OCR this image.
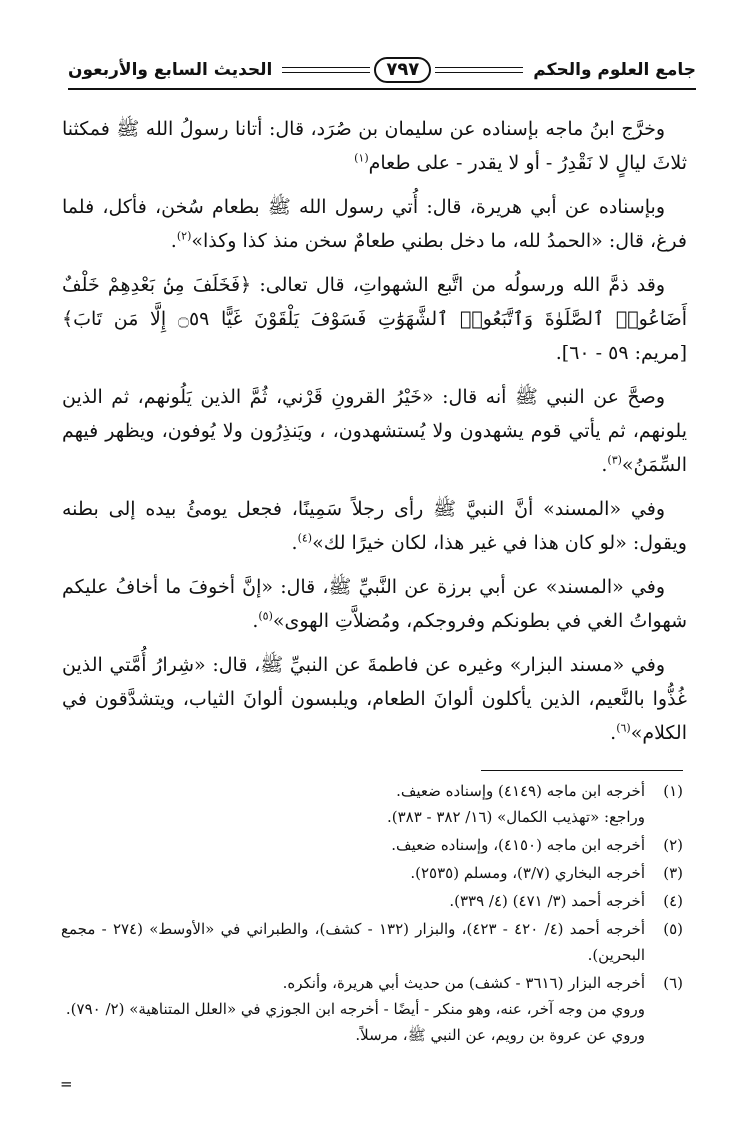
جامع العلوم والحكم
٧٩٧
الحديث السابع والأربعون

وخرَّج ابنُ ماجه بإسناده عن سليمان بن صُرَد، قال: أتانا رسولُ الله ﷺ فمكثنا ثلاثَ ليالٍ لا نَقْدِرُ - أو لا يقدر - على طعام$^{(١)}$

وبإسناده عن أبي هريرة، قال: أُتي رسول الله ﷺ بطعام سُخن، فأكل، فلما فرغ، قال: «الحمدُ لله، ما دخل بطني طعامٌ سخن منذ كذا وكذا»$^{(٢)}$.

وقد ذمَّ الله ورسولُه من اتَّبع الشهواتِ، قال تعالى: ﴿فَخَلَفَ مِنۢ بَعْدِهِمْ خَلْفٌ أَضَاعُوا۟ ٱلصَّلَوٰةَ وَٱتَّبَعُوا۟ ٱلشَّهَوَٰتِ فَسَوْفَ يَلْقَوْنَ غَيًّا ۝٥٩ إِلَّا مَن تَابَ﴾ [مريم: ٥٩ - ٦٠].

وصحَّ عن النبي ﷺ أنه قال: «خَيْرُ القرونِ قَرْني، ثُمَّ الذين يَلُونهم، ثم الذين يلونهم، ثم يأتي قوم يشهدون ولا يُستشهدون، ، ويَنذِرُون ولا يُوفون، ويظهر فيهم السِّمَنُ»$^{(٣)}$.

وفي «المسند» أنَّ النبيَّ ﷺ رأى رجلاً سَمِينًا، فجعل يومئُ بيده إلى بطنه ويقول: «لو كان هذا في غير هذا، لكان خيرًا لك»$^{(٤)}$.

وفي «المسند» عن أبي برزة عن النَّبيِّ ﷺ، قال: «إنَّ أخوفَ ما أخافُ عليكم شهواتُ الغي في بطونكم وفروجكم، ومُضلاَّتِ الهوى»$^{(٥)}$.

وفي «مسند البزار» وغيره عن فاطمةَ عن النبيِّ ﷺ، قال: «شِرارُ أُمَّتي الذين غُذُّوا بالنَّعيم، الذين يأكلون ألوانَ الطعام، ويلبسون ألوانَ الثياب، ويتشدَّقون في الكلام»$^{(٦)}$.

(١)
أخرجه ابن ماجه (٤١٤٩) وإسناده ضعيف.
وراجع: «تهذيب الكمال» (١٦/ ٣٨٢ - ٣٨٣).
(٢)
أخرجه ابن ماجه (٤١٥٠)، وإسناده ضعيف.
(٣)
أخرجه البخاري (٣/٧)، ومسلم (٢٥٣٥).
(٤)
أخرجه أحمد (٣/ ٤٧١) (٤/ ٣٣٩).
(٥)
أخرجه أحمد (٤/ ٤٢٠ - ٤٢٣)، والبزار (١٣٢ - كشف)، والطبراني في «الأوسط» (٢٧٤ - مجمع البحرين).
(٦)
أخرجه البزار (٣٦١٦ - كشف) من حديث أبي هريرة، وأنكره.
وروي من وجه آخر، عنه، وهو منكر - أيضًا - أخرجه ابن الجوزي في «العلل المتناهية» (٢/ ٧٩٠).
وروي عن عروة بن رويم، عن النبي ﷺ، مرسلاً.
=
